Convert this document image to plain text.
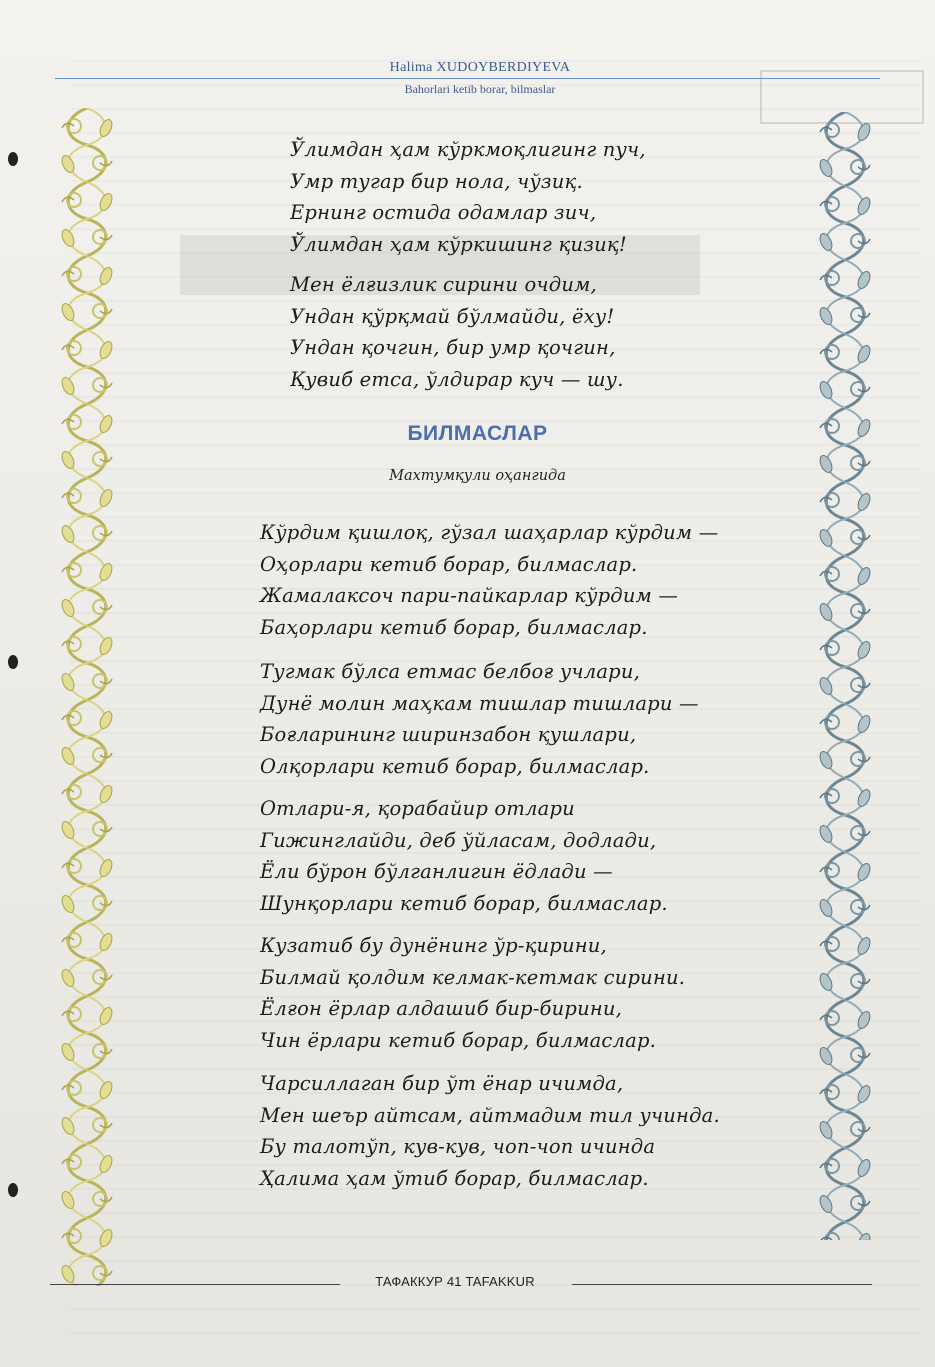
Halima XUDOYBERDIYEVA

Bahorlari ketib borar, bilmaslar

Ўлимдан ҳам кўркмоқлигинг пуч,
Умр тугар бир нола, чўзиқ.
Ернинг остида одамлар зич,
Ўлимдан ҳам кўркишинг қизиқ!
Мен ёлғизлик сирини очдим,
Ундан қўрқмай бўлмайди, ёху!
Ундан қочгин, бир умр қочгин,
Қувиб етса, ўлдирар куч — шу.
БИЛМАСЛАР

Махтумқули оҳангида

Кўрдим қишлоқ, гўзал шаҳарлар кўрдим —
Оҳорлари кетиб борар, билмаслар.
Жамалаксоч пари-пайкарлар кўрдим —
Баҳорлари кетиб борар, билмаслар.
Тугмак бўлса етмас белбоғ учлари,
Дунё молин маҳкам тишлар тишлари —
Боғларининг ширинзабон қушлари,
Олқорлари кетиб борар, билмаслар.
Отлари-я, қорабайир отлари
Гижинглайди, деб ўйласам, додлади,
Ёли бўрон бўлганлигин ёдлади —
Шунқорлари кетиб борар, билмаслар.
Кузатиб бу дунёнинг ўр-қирини,
Билмай қолдим келмак-кетмак сирини.
Ёлғон ёрлар алдашиб бир-бирини,
Чин ёрлари кетиб борар, билмаслар.
Чарсиллаган бир ўт ёнар ичимда,
Мен шеър айтсам, айтмадим тил учинда.
Бу талотўп, кув-кув, чоп-чоп ичинда
Ҳалима ҳам ўтиб борар, билмаслар.
ТАФАККУР 41 TAFAKKUR
